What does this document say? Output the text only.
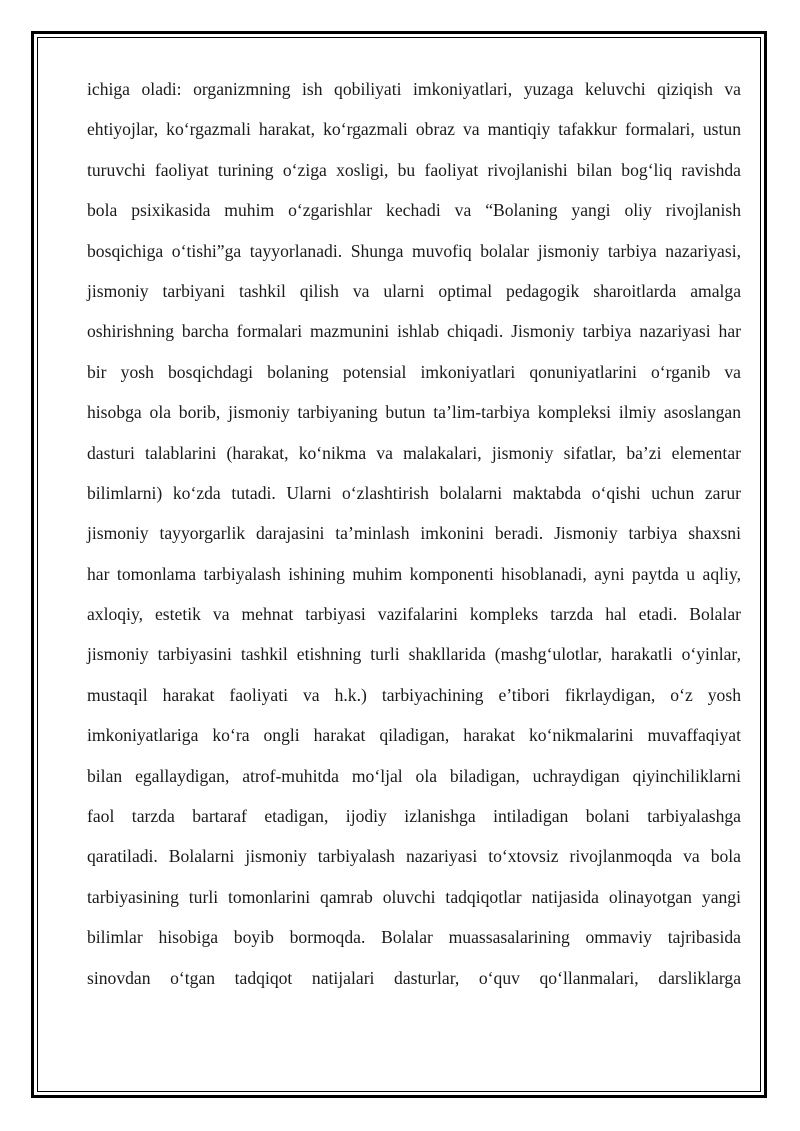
ichiga oladi: organizmning ish qobiliyati imkoniyatlari, yuzaga keluvchi qiziqish va
ehtiyojlar, ko‘rgazmali harakat, ko‘rgazmali obraz va mantiqiy tafakkur formalari, ustun
turuvchi faoliyat turining o‘ziga xosligi, bu faoliyat rivojlanishi bilan bog‘liq ravishda
bola psixikasida muhim o‘zgarishlar kechadi va “Bolaning yangi oliy rivojlanish
bosqichiga o‘tishi”ga tayyorlanadi. Shunga muvofiq bolalar jismoniy tarbiya nazariyasi,
jismoniy tarbiyani tashkil qilish va ularni optimal pedagogik sharoitlarda amalga
oshirishning barcha formalari mazmunini ishlab chiqadi. Jismoniy tarbiya nazariyasi har
bir yosh bosqichdagi bolaning potensial imkoniyatlari qonuniyatlarini o‘rganib va
hisobga ola borib, jismoniy tarbiyaning butun ta’lim-tarbiya kompleksi ilmiy asoslangan
dasturi talablarini (harakat, ko‘nikma va malakalari, jismoniy sifatlar, ba’zi elementar
bilimlarni) ko‘zda tutadi. Ularni o‘zlashtirish bolalarni maktabda o‘qishi uchun zarur
jismoniy tayyorgarlik darajasini ta’minlash imkonini beradi. Jismoniy tarbiya shaxsni
har tomonlama tarbiyalash ishining muhim komponenti hisoblanadi, ayni paytda u aqliy,
axloqiy, estetik va mehnat tarbiyasi vazifalarini kompleks tarzda hal etadi. Bolalar
jismoniy tarbiyasini tashkil etishning turli shakllarida (mashg‘ulotlar, harakatli o‘yinlar,
mustaqil harakat faoliyati va h.k.) tarbiyachining e’tibori fikrlaydigan, o‘z yosh
imkoniyatlariga ko‘ra ongli harakat qiladigan, harakat ko‘nikmalarini muvaffaqiyat
bilan egallaydigan, atrof-muhitda mo‘ljal ola biladigan, uchraydigan qiyinchiliklarni
faol tarzda bartaraf etadigan, ijodiy izlanishga intiladigan bolani tarbiyalashga
qaratiladi. Bolalarni jismoniy tarbiyalash nazariyasi to‘xtovsiz rivojlanmoqda va bola
tarbiyasining turli tomonlarini qamrab oluvchi tadqiqotlar natijasida olinayotgan yangi
bilimlar hisobiga boyib bormoqda. Bolalar muassasalarining ommaviy tajribasida
sinovdan o‘tgan tadqiqot natijalari dasturlar, o‘quv qo‘llanmalari, darsliklarga
